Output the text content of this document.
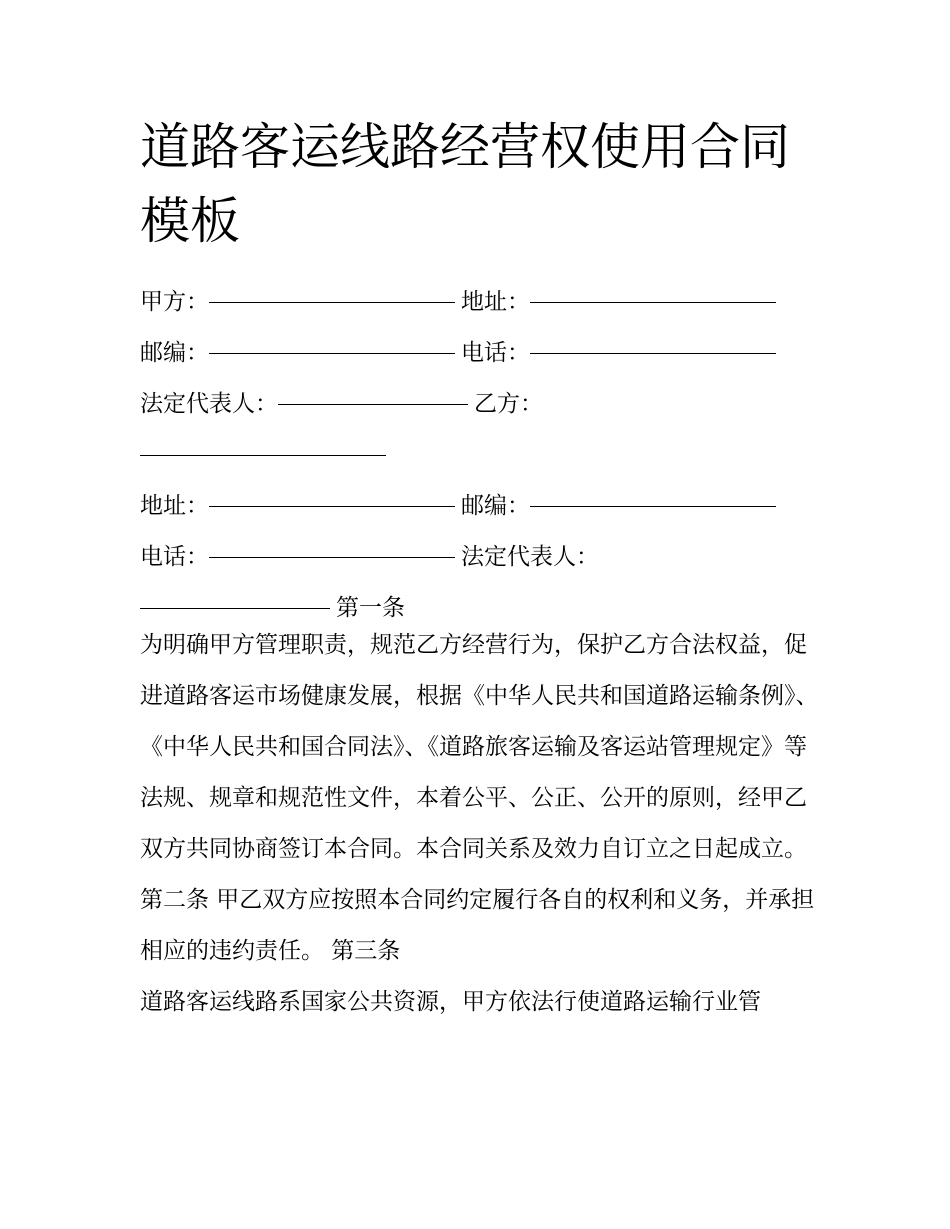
道路客运线路经营权使用合同
模板
甲方：	地址：
邮编：	电话：
法定代表人：	乙方：
地址：	邮编：
电话：	法定代表人：
第一条

为明确甲方管理职责，规范乙方经营行为，保护乙方合法权益，促进道路客运市场健康发展，根据《中华人民共和国道路运输条例》、《中华人民共和国合同法》、《道路旅客运输及客运站管理规定》等法规、规章和规范性文件，本着公平、公正、公开的原则，经甲乙双方共同协商签订本合同。本合同关系及效力自订立之日起成立。

第二条 甲乙双方应按照本合同约定履行各自的权利和义务，并承担相应的违约责任。 第三条

道路客运线路系国家公共资源，甲方依法行使道路运输行业管
